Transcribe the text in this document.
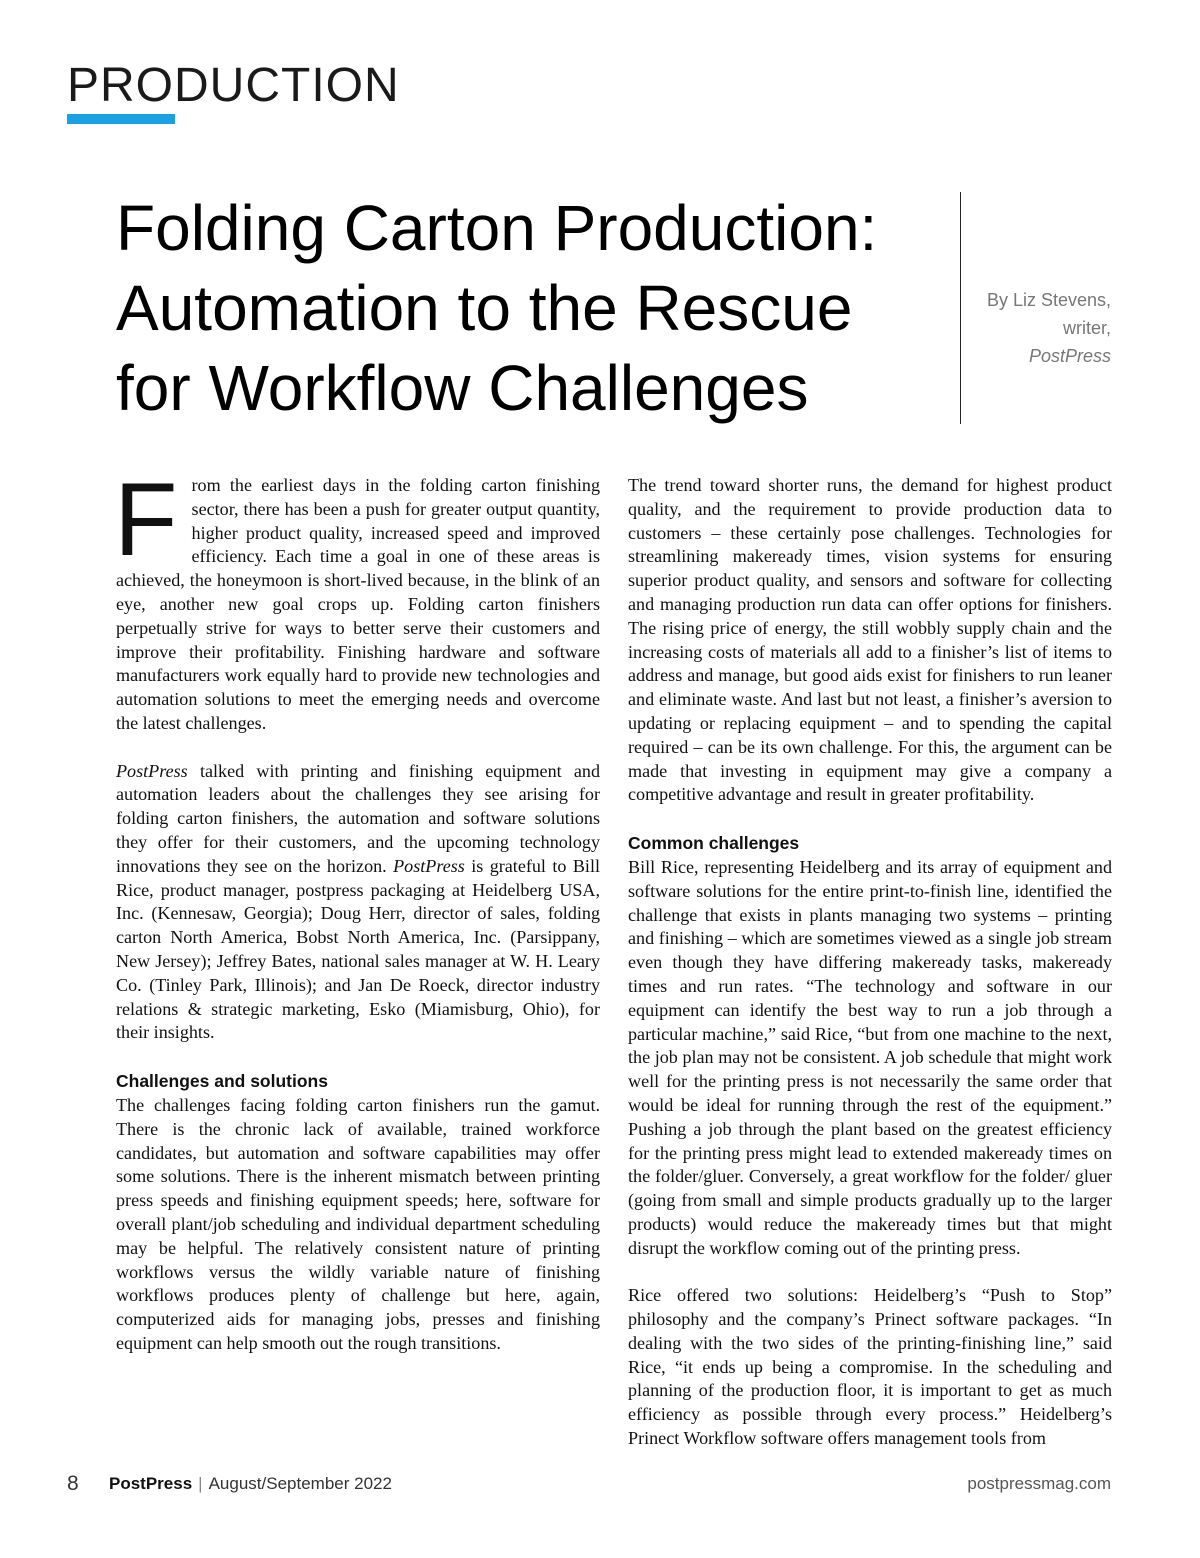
PRODUCTION
Folding Carton Production:
Automation to the Rescue
for Workflow Challenges
By Liz Stevens,
writer,
PostPress

From the earliest days in the folding carton finishing sector, there has been a push for greater output quantity, higher product quality, increased speed and improved efficiency. Each time a goal in one of these areas is achieved, the honeymoon is short-lived because, in the blink of an eye, another new goal crops up. Folding carton finishers perpetually strive for ways to better serve their customers and improve their profitability. Finishing hardware and software manufacturers work equally hard to provide new technologies and automation solutions to meet the emerging needs and overcome the latest challenges.

PostPress talked with printing and finishing equipment and automation leaders about the challenges they see arising for folding carton finishers, the automation and software solutions they offer for their customers, and the upcoming technology innovations they see on the horizon. PostPress is grateful to Bill Rice, product manager, postpress packaging at Heidelberg USA, Inc. (Kennesaw, Georgia); Doug Herr, director of sales, folding carton North America, Bobst North America, Inc. (Parsippany, New Jersey); Jeffrey Bates, national sales manager at W. H. Leary Co. (Tinley Park, Illinois); and Jan De Roeck, director industry relations & strategic marketing, Esko (Miamisburg, Ohio), for their insights.

Challenges and solutions

The challenges facing folding carton finishers run the gamut. There is the chronic lack of available, trained workforce candidates, but automation and software capabilities may offer some solutions. There is the inherent mismatch between printing press speeds and finishing equipment speeds; here, software for overall plant/job scheduling and individual department scheduling may be helpful. The relatively consistent nature of printing workflows versus the wildly variable nature of finishing workflows produces plenty of challenge but here, again, computerized aids for managing jobs, presses and finishing equipment can help smooth out the rough transitions.

The trend toward shorter runs, the demand for highest product quality, and the requirement to provide production data to customers – these certainly pose challenges. Technologies for streamlining makeready times, vision systems for ensuring superior product quality, and sensors and software for collecting and managing production run data can offer options for finishers. The rising price of energy, the still wobbly supply chain and the increasing costs of materials all add to a finisher’s list of items to address and manage, but good aids exist for finishers to run leaner and eliminate waste. And last but not least, a finisher’s aversion to updating or replacing equipment – and to spending the capital required – can be its own challenge. For this, the argument can be made that investing in equipment may give a company a competitive advantage and result in greater profitability.

Common challenges

Bill Rice, representing Heidelberg and its array of equipment and software solutions for the entire print-to-finish line, identified the challenge that exists in plants managing two systems – printing and finishing – which are sometimes viewed as a single job stream even though they have differing makeready tasks, makeready times and run rates. “The technology and software in our equipment can identify the best way to run a job through a particular machine,” said Rice, “but from one machine to the next, the job plan may not be consistent. A job schedule that might work well for the printing press is not necessarily the same order that would be ideal for running through the rest of the equipment.” Pushing a job through the plant based on the greatest efficiency for the printing press might lead to extended makeready times on the folder/gluer. Conversely, a great workflow for the folder/ gluer (going from small and simple products gradually up to the larger products) would reduce the makeready times but that might disrupt the workflow coming out of the printing press.

Rice offered two solutions: Heidelberg’s “Push to Stop” philosophy and the company’s Prinect software packages. “In dealing with the two sides of the printing-finishing line,” said Rice, “it ends up being a compromise. In the scheduling and planning of the production floor, it is important to get as much efficiency as possible through every process.” Heidelberg’s Prinect Workflow software offers management tools from

8 PostPress | August/September 2022	postpressmag.com
